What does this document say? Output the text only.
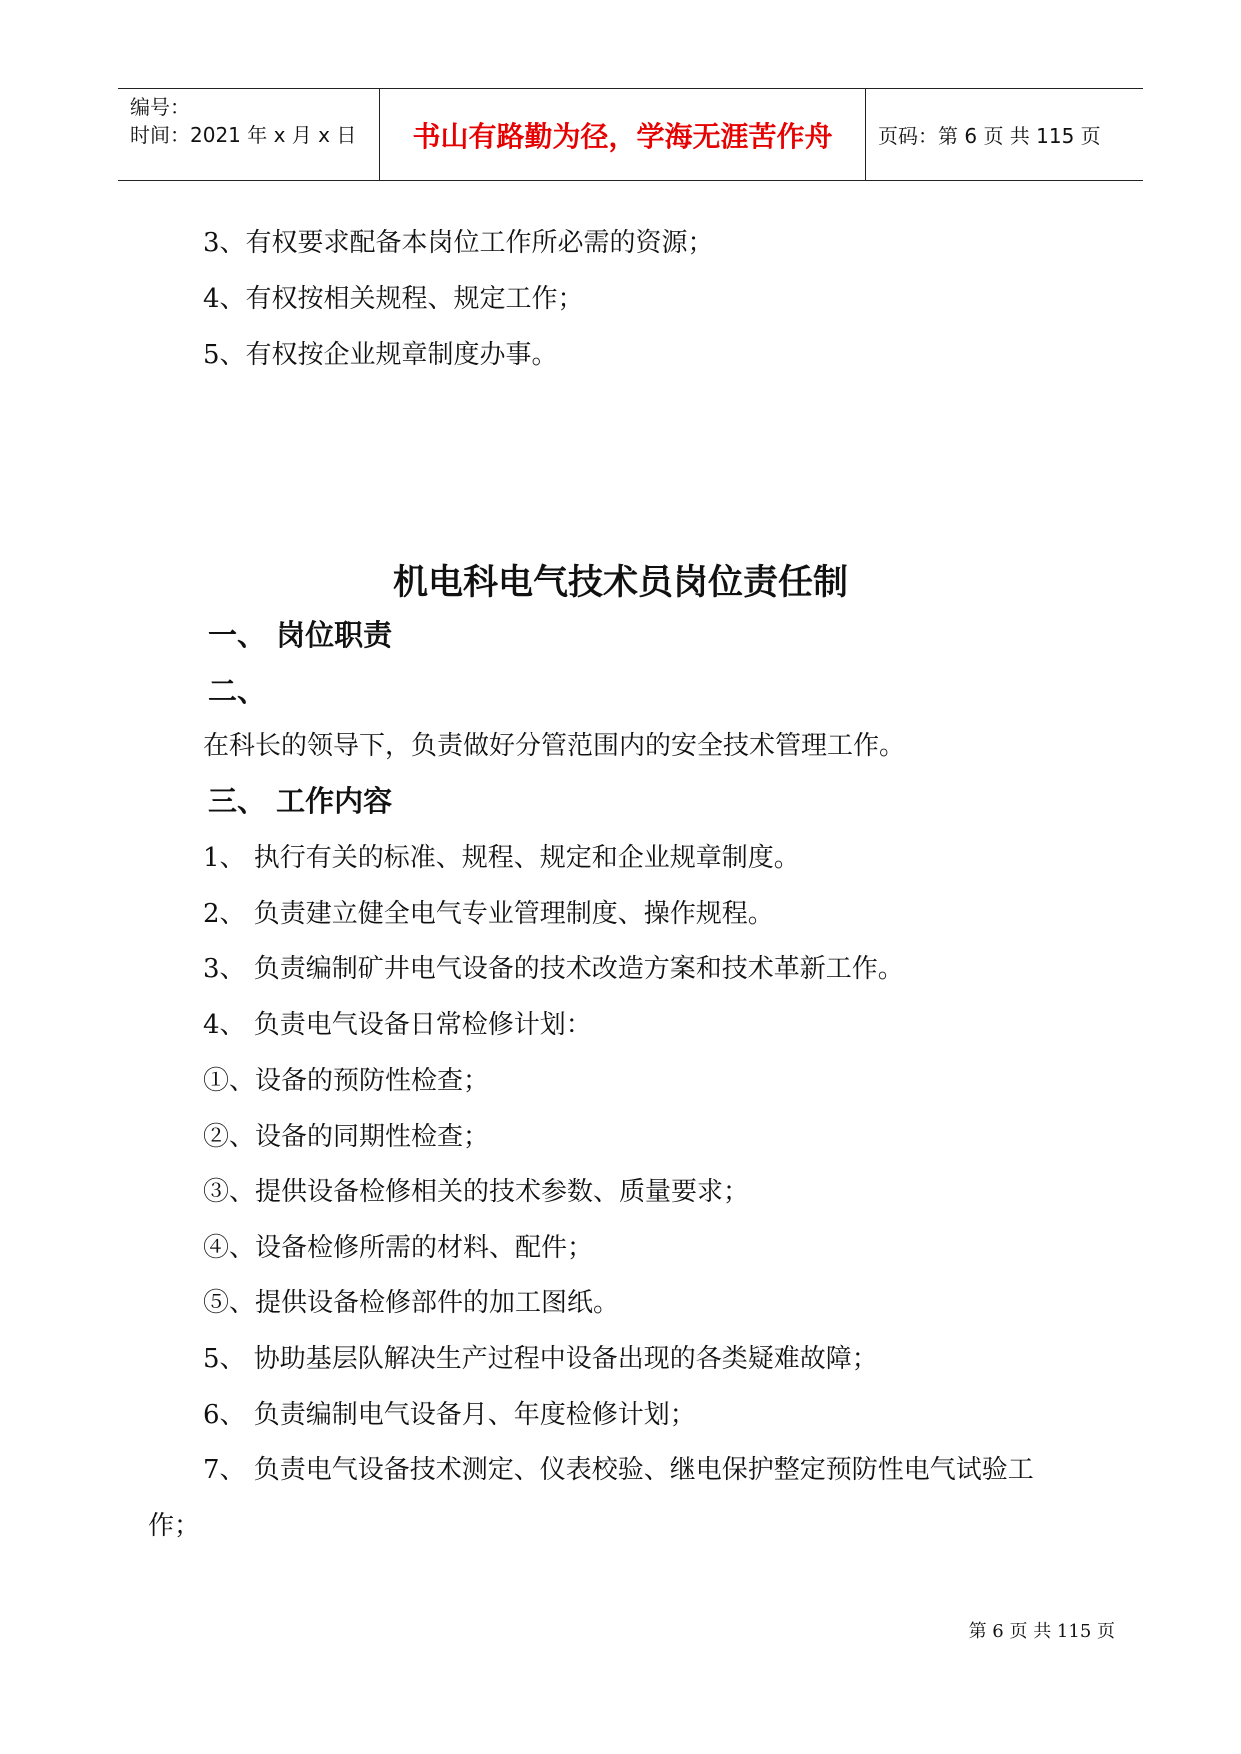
编号：
时间：2021 年 x 月 x 日	书山有路勤为径，学海无涯苦作舟	页码：第 6 页 共 115 页
3、有权要求配备本岗位工作所必需的资源；
4、有权按相关规程、规定工作；
5、有权按企业规章制度办事。
机电科电气技术员岗位责任制
一、 岗位职责
二、
在科长的领导下，负责做好分管范围内的安全技术管理工作。
三、 工作内容
1、 执行有关的标准、规程、规定和企业规章制度。
2、 负责建立健全电气专业管理制度、操作规程。
3、 负责编制矿井电气设备的技术改造方案和技术革新工作。
4、 负责电气设备日常检修计划：
①、设备的预防性检查；
②、设备的同期性检查；
③、提供设备检修相关的技术参数、质量要求；
④、设备检修所需的材料、配件；
⑤、提供设备检修部件的加工图纸。
5、 协助基层队解决生产过程中设备出现的各类疑难故障；
6、 负责编制电气设备月、年度检修计划；
7、 负责电气设备技术测定、仪表校验、继电保护整定预防性电气试验工
作；
第 6 页 共 115 页
